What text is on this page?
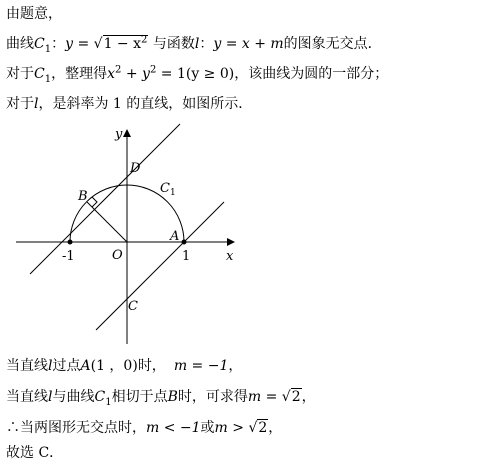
由题意，
曲线$C_1$：$y = √1 - x^2$ 与函数l：y = x + m的图象无交点．
对于$C_1$，整理得$x^2 + y^2 = 1(y \ge 0)$，该曲线为圆的一部分；
对于l，是斜率为 1 的直线，如图所示．
y
x
O
-1	1
A
B
C
D
$C_1$
当直线l过点A(1 ，0)时， m = −1，
当直线l与曲线$C_1$相切于点B时，可求得m = √2，
∴当两图形无交点时，m < −1或m > √2，
故选 C．
